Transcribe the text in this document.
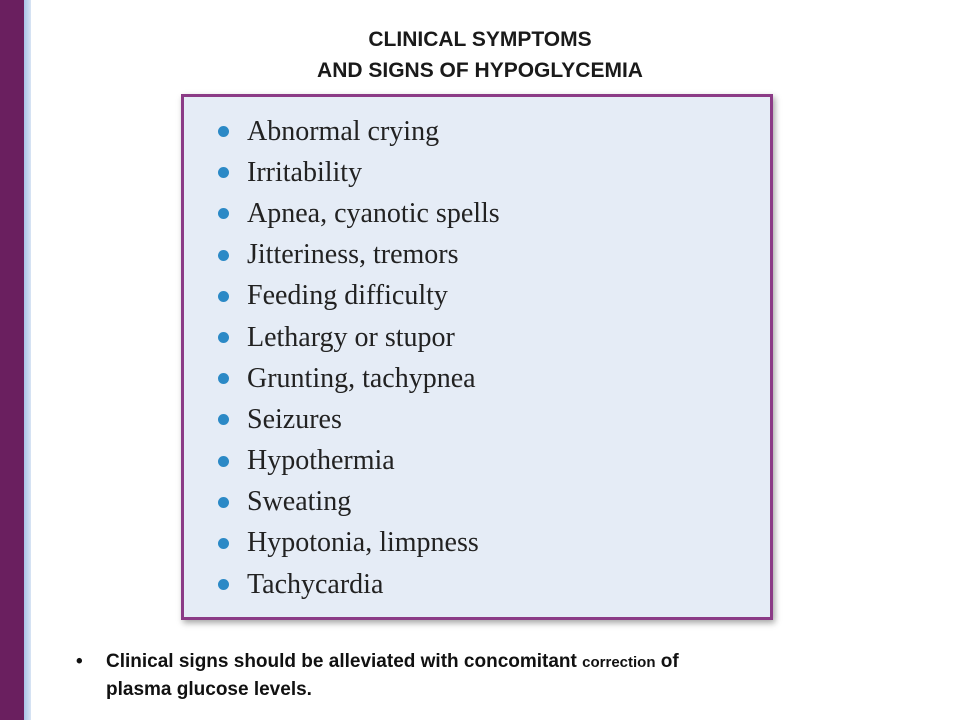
CLINICAL SYMPTOMS
AND SIGNS OF HYPOGLYCEMIA
Abnormal crying
Irritability
Apnea, cyanotic spells
Jitteriness, tremors
Feeding difficulty
Lethargy or stupor
Grunting, tachypnea
Seizures
Hypothermia
Sweating
Hypotonia, limpness
Tachycardia
• Clinical signs should be alleviated with concomitant correction of
plasma glucose levels.
